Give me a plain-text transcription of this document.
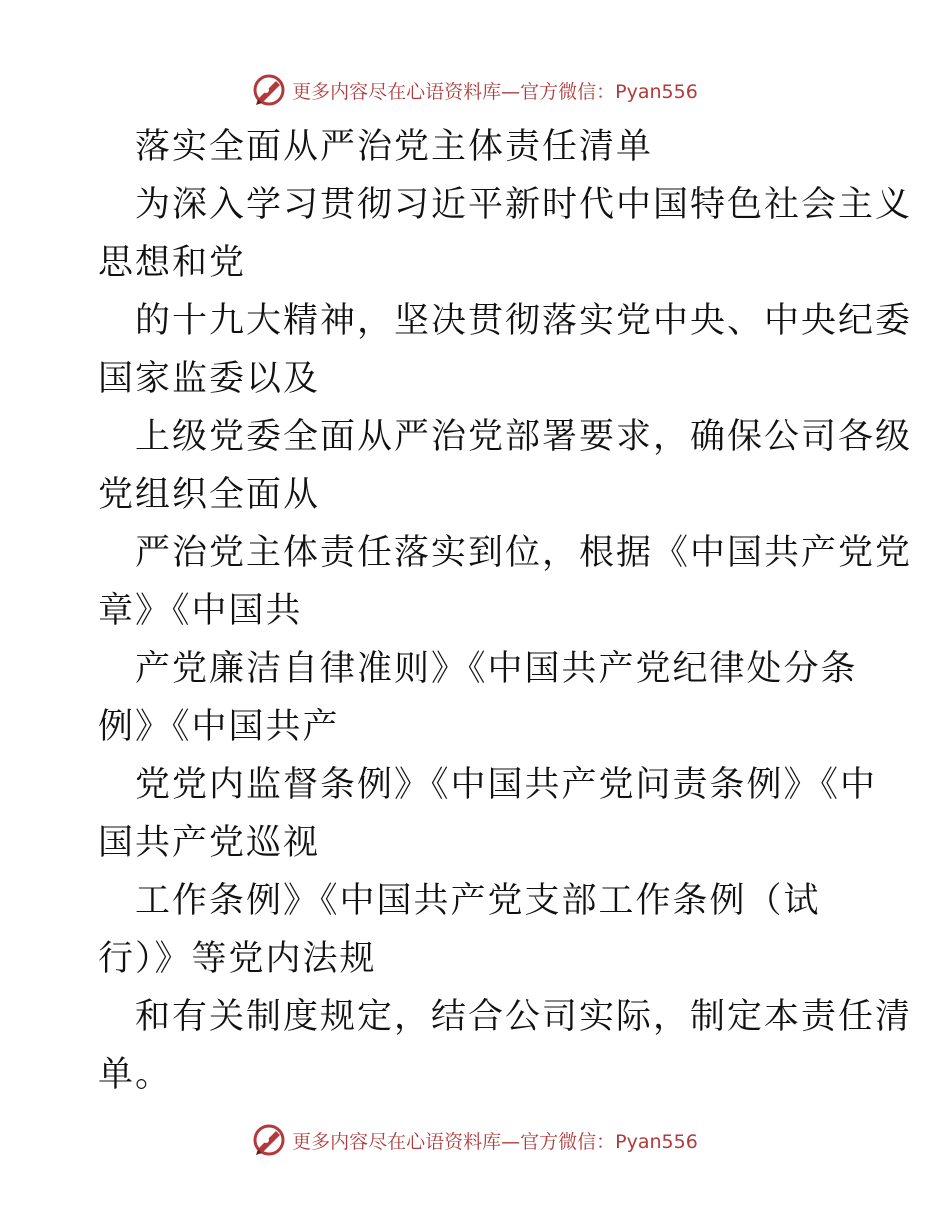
更多内容尽在心语资料库—官方微信：Pyan556
落实全面从严治党主体责任清单
为深入学习贯彻习近平新时代中国特色社会主义
思想和党
的十九大精神，坚决贯彻落实党中央、中央纪委
国家监委以及
上级党委全面从严治党部署要求，确保公司各级
党组织全面从
严治党主体责任落实到位，根据《中国共产党党
章》《中国共
产党廉洁自律准则》《中国共产党纪律处分条
例》《中国共产
党党内监督条例》《中国共产党问责条例》《中
国共产党巡视
工作条例》《中国共产党支部工作条例（试
行）》等党内法规
和有关制度规定，结合公司实际，制定本责任清
单。
更多内容尽在心语资料库—官方微信：Pyan556
